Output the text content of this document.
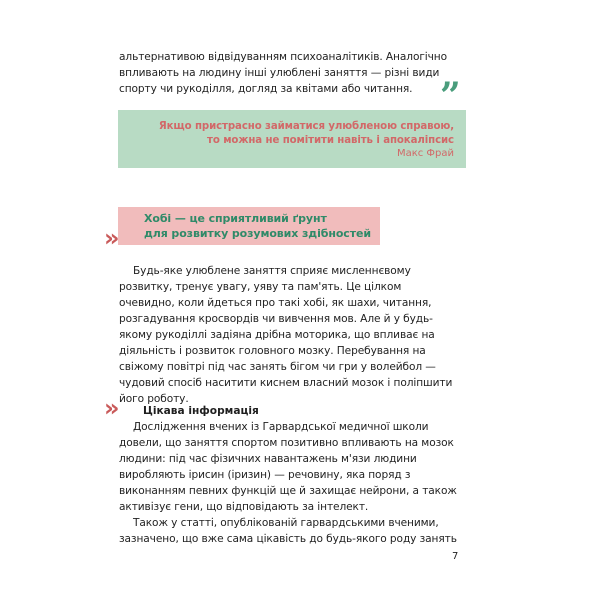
альтернативою відвідуванням психоаналітиків. Аналогічно впливають на людину інші улюблені заняття — різні види спорту чи рукоділля, догляд за квітами або читання.
Якщо пристрасно займатися улюбленою справою,
то можна не помітити навіть і апокаліпсис
Макс Фрай
”
Хобі — це сприятливий ґрунт
для розвитку розумових здібностей
»
Будь-яке улюблене заняття сприяє мисленнєвому розвитку, тренує увагу, уяву та пам'ять. Це цілком очевидно, коли йдеться про такі хобі, як шахи, читання, розгадування кросвордів чи вивчення мов. Але й у будь-якому рукоділлі задіяна дрібна моторика, що впливає на діяльність і розвиток головного мозку. Перебування на свіжому повітрі під час занять бігом чи гри у волейбол — чудовий спосіб наситити киснем власний мозок і поліпшити його роботу.
»	Цікава інформація
Дослідження вчених із Гарвардської медичної школи довели, що заняття спортом позитивно впливають на мозок людини: під час фізичних навантажень м'язи людини виробляють ірисин (іризин) — речовину, яка поряд з виконанням певних функцій ще й захищає нейрони, а також активізує гени, що відповідають за інтелект.
Також у статті, опублікованій гарвардськими вченими, зазначено, що вже сама цікавість до будь-якого роду занять
7
